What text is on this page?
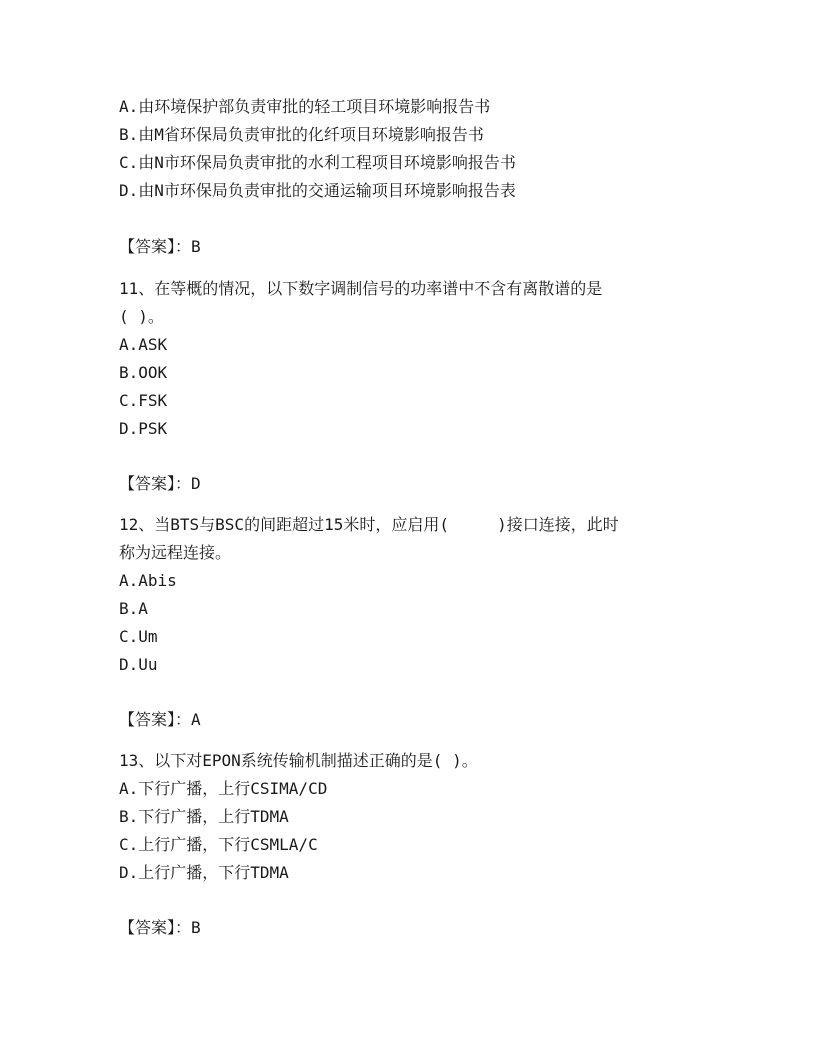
A.由环境保护部负责审批的轻工项目环境影响报告书
B.由M省环保局负责审批的化纤项目环境影响报告书
C.由N市环保局负责审批的水利工程项目环境影响报告书
D.由N市环保局负责审批的交通运输项目环境影响报告表
【答案】：B
11、在等概的情况，以下数字调制信号的功率谱中不含有离散谱的是
( )。
A.ASK
B.OOK
C.FSK
D.PSK
【答案】：D
12、当BTS与BSC的间距超过15米时，应启用(     )接口连接，此时
称为远程连接。
A.Abis
B.A
C.Um
D.Uu
【答案】：A
13、以下对EPON系统传输机制描述正确的是( )。
A.下行广播，上行CSIMA/CD
B.下行广播，上行TDMA
C.上行广播，下行CSMLA/C
D.上行广播，下行TDMA
【答案】：B
